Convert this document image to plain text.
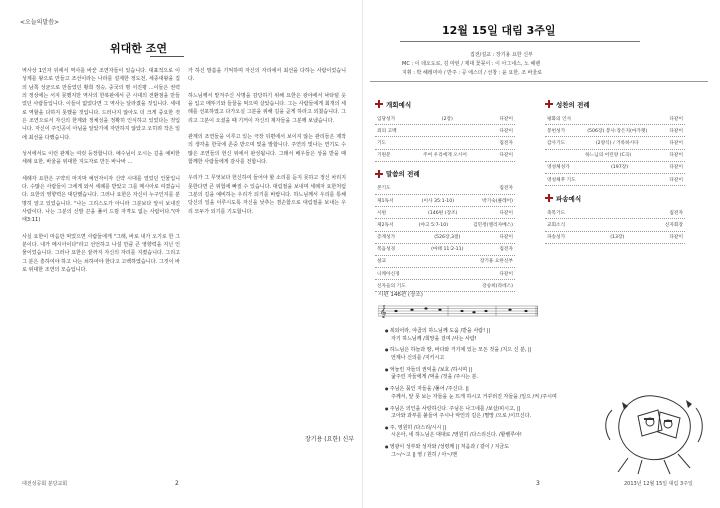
<오늘의말씀>
위대한 조연

역사상 1인자 뒤에서 역사를 바꾼 조연자들이 있습니다. 대표적으로 이성계를 왕으로 만들고 조선이라는 나라를 설계한 정도전, 세종대왕을 집의 남쪽 성균으로 만들었던 황희 정승, 중국의 명 서진평 ...이들은 권력의 정상에는 서지 못했지만 역사의 한복판에서 큰 시대의 전환점을 만들었던 사람들입니다. 이들이 없었다면 그 역사는 달라졌을 것입니다. 세대로 역할을 다하지 못했을 것입니다. 드러나지 않아도 더 크게 중요한 것은 조연으로서 자신의 한계와 정체성을 정확히 인식하고 있었다는 것입니다. 자신이 주인공이 아님을 알았기에 자만하지 않았고 오히려 작은 일에 최선을 다했습니다.

성서에서도 이런 관계는 여럿 등장합니다. 예수님이 오시는 길을 예비한 세례 요한, 바울을 위대한 지도자로 만든 바나바 ...

세례자 요한은 구약의 마지막 예언자이자 신약 시대를 열었던 인물입니다. 수많은 사람들이 그에게 와서 세례를 받았고 그를 메시아로 여겼습니다. 요한의 영향력은 대단했습니다. 그러나 요한은 자신이 누구인지를 분명히 알고 있었습니다. "나는 그리스도가 아니라 그분보다 앞서 보내진 사람이다. 나는 그분의 신발 끈을 풀어 드릴 자격도 없는 사람이다."(마태3:11)

사실 요한이 마음만 먹었으면 사람들에게 "그래, 바로 내가 오기로 한 그 분이다. 내가 메시아이다"라고 선언하고 나설 만큼 큰 영향력을 지닌 인물이었습니다. 그러나 요한은 끝까지 자신의 자리를 지켰습니다. 그리고 그 분은 흥하여야 하고 나는 쇠하여야 한다고 고백하였습니다. 그것이 바로 위대한 조연의 모습입니다.

가 하신 말씀을 기억하며 자신의 자리에서 최선을 다하는 사람이었습니다.

하느님께서 맡겨주신 사명을 감당하기 위해 요한은 광야에서 낙타털 옷을 입고 메뚜기와 들꿀을 먹으며 살았습니다. 그는 사람들에게 회개의 세례를 선포하였고 다가오실 그분을 위해 길을 곧게 하라고 외쳤습니다. 그리고 그분이 오셨을 때 기꺼이 자신의 제자들을 그분께 보냈습니다.

관계의 조연들을 이루고 있는 극장 뒤편에서 보이지 않는 관리들은 제작의 생각을 한국에 존중 받으며 빛을 발합니다. 주연의 빛나는 연기도 수많은 조연들의 헌신 위에서 완성됩니다. 그래서 배우들은 상을 받을 때 함께한 사람들에게 감사를 전합니다.

우리가 그 무엇보다 헌신하여 들어야 할 소리를 듣지 못하고 정신 차리지 못한다면 큰 위험에 빠질 수 있습니다. 대림절을 보내며 세례자 요한처럼 그분의 길을 예비하는 우리가 되기를 바랍니다. 하느님께서 우리를 통해 당신의 일을 이루시도록 자신을 낮추는 겸손함으로 대림절을 보내는 우리 모두가 되기를 기도합니다.

장기용 (요한) 신부
대전성공회 분당교회	2
12월 15일 대림 3주일
집전/설교 : 장기용 요한 신부
MC : 이 데오도로, 김 마틴 / 제대 꽃꽂이 : 이 아그네스, 노 헤렌
지휘 : 박 헤레미야 / 반주 : 공 에스더 / 선창 : 윤 요한, 조 바울로
개회예식
입당성가	(2장)	다같이
죄의 고백	다같이
기도	집전자
기원문	주여 우리에게 오시어	다같이
말씀의 전례
본기도	집전자
제1독서	(이사 35:1-10)	박기숙(클레어)
시편	(146편 (장조)	다같이
제2독서	(야고 5:7-10)	김민정(엘리자베스)
층계성가	(526장,3절)	다같이
복음성경	(마태 11:2-11)	집전자
설교	장기용 요한신부
니케아신경	다같이
신자들의 기도	강승희(라데스)
성찬의 전례
평화의 인사	다같이
봉헌성가	(506장) 봉사:장은지(마가렛)	다같이
감사기도	(2양식) / 거룩하시다	다같이
하느님의 어린양 (C곡)	다같이
영성체성가	(197장)	다같이
영성체후 기도	다같이
파송예식
축복기도	집전자
교회소식	신자회장
파송성가	(13장)	다같이
시편 146편 (장조)
𝄞
● 복되어라, 야곱의 하느님께 도움 /받을 사람! ||
자기 하느님께 /희망을 걸며 /사는 사람!
● 하느님은 하늘과 땅, 바다와 거기에 있는 모든 것을 /지으 신 분, ||
언제나 신의를 /지키시고
● 억눌린 자들의 권익을 /보호 /하시며 ||
굶주린 자들에게 /먹을 /것을 /주시는 분.
● 주님은 묶인 자들을 /풀어 /주신다. ||
주께서, 앞 못 보는 자들을 눈 뜨게 하시고 거꾸러진 자들을 /일으 /켜 /주시며
● 주님은 의인을 사랑하신다. 주님은 나그네를 /보살/피시고, ||
고아와 과부를 붙들어 주시나 악인의 길은 /멸망 /으로 /이끄신다.
● 주, 영원히 /다스리/시시 ||
시온아, 네 하느님은 대대로 /영원히 /다스리신다. /할렐루야!
● 영광이 성부와 성자와 /성령께 || 처음과 / 같이 / 지금도
그~/~고 || 영 / 원히 / 아~/멘
3	2013년 12월 15일 대림 3주일
